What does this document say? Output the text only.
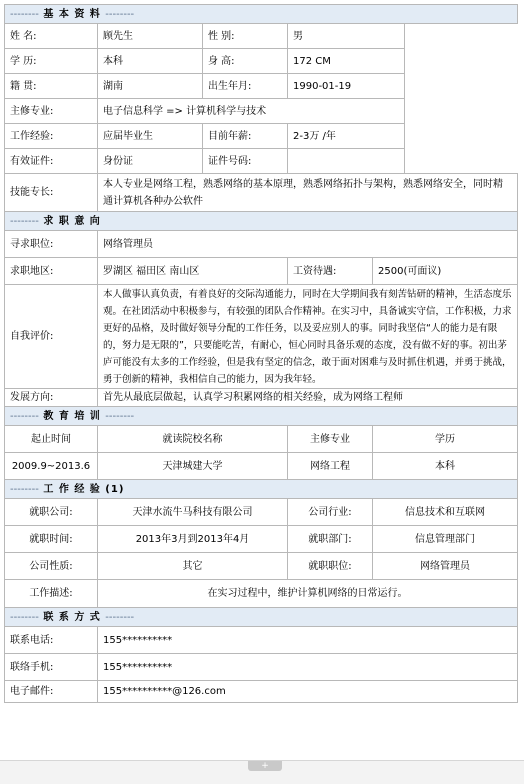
-------- 基 本 资 料 --------				
姓 名:	顾先生	性 别:	男	
学 历:	本科	身 高:	172 CM	
籍 贯:	湖南	出生年月:	1990-01-19	
主修专业:	电子信息科学 => 计算机科学与技术			
工作经验:	应届毕业生	目前年薪:	2-3万 /年	
有效证件:	身份证	证件号码:		
技能专长:	本人专业是网络工程，熟悉网络的基本原理，熟悉网络拓扑与架构，熟悉网络安全，同时精通计算机各种办公软件			
-------- 求 职 意 向			
寻求职位:	网络管理员		
求职地区:	罗湖区 福田区 南山区	工资待遇:	2500(可面议)
自我评价:	本人做事认真负责，有着良好的交际沟通能力，同时在大学期间我有刻苦钻研的精神，生活态度乐观。在社团活动中积极参与，有较强的团队合作精神。在实习中，具备诚实守信，工作积极，力求更好的品格，及时做好领导分配的工作任务，以及妥应别人的事。同时我坚信“人的能力是有限的，努力是无限的”，只要能吃苦，有耐心，恒心同时具备乐观的态度，没有做不好的事。初出茅庐可能没有太多的工作经验，但是我有坚定的信念，敢于面对困难与及时抓住机遇，并勇于挑战，勇于创新的精神，我相信自己的能力，因为我年轻。		
发展方向:	首先从最底层做起，认真学习积累网络的相关经验，成为网络工程师		
-------- 教 育 培 训 --------			
起止时间	就读院校名称	主修专业	学历
2009.9~2013.6	天津城建大学	网络工程	本科
-------- 工 作 经 验 (1)			
就职公司:	天津水流牛马科技有限公司	公司行业:	信息技术和互联网
就职时间:	2013年3月到2013年4月	就职部门:	信息管理部门
公司性质:	其它	就职职位:	网络管理员
工作描述:	在实习过程中，维护计算机网络的日常运行。		
-------- 联 系 方 式 --------	
联系电话:	155**********
联络手机:	155**********
电子邮件:	155**********@126.com
+
